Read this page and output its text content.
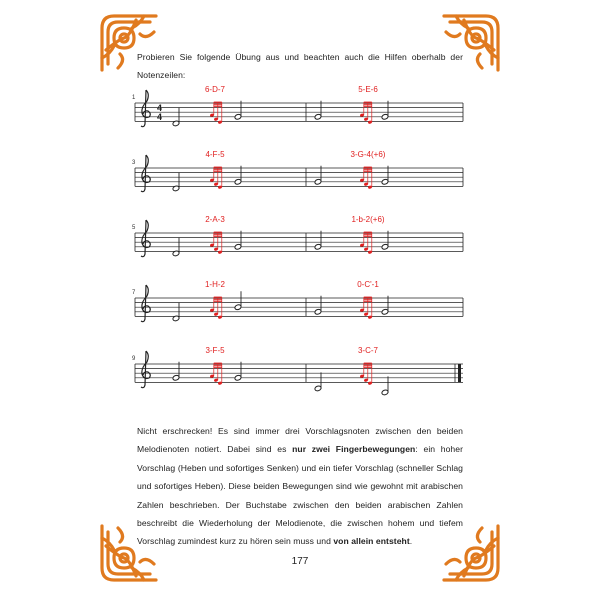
Probieren Sie folgende Übung aus und beachten auch die Hilfen oberhalb der Notenzeilen:
1
4
4
6-D-7	5-E-6
3
4-F-5	3-G-4(+6)
5
2-A-3	1-b-2(+6)
7
1-H-2	0-C'-1
9
3-F-5	3-C-7
Nicht erschrecken! Es sind immer drei Vorschlagsnoten zwischen den beiden Melodienoten notiert. Dabei sind es nur zwei Fingerbewegungen: ein hoher Vorschlag (Heben und sofortiges Senken) und ein tiefer Vorschlag (schneller Schlag und sofortiges Heben). Diese beiden Bewegungen sind wie gewohnt mit arabischen Zahlen beschrieben. Der Buchstabe zwischen den beiden arabischen Zahlen beschreibt die Wiederholung der Melodienote, die zwischen hohem und tiefem Vorschlag zumindest kurz zu hören sein muss und von allein entsteht.
177
